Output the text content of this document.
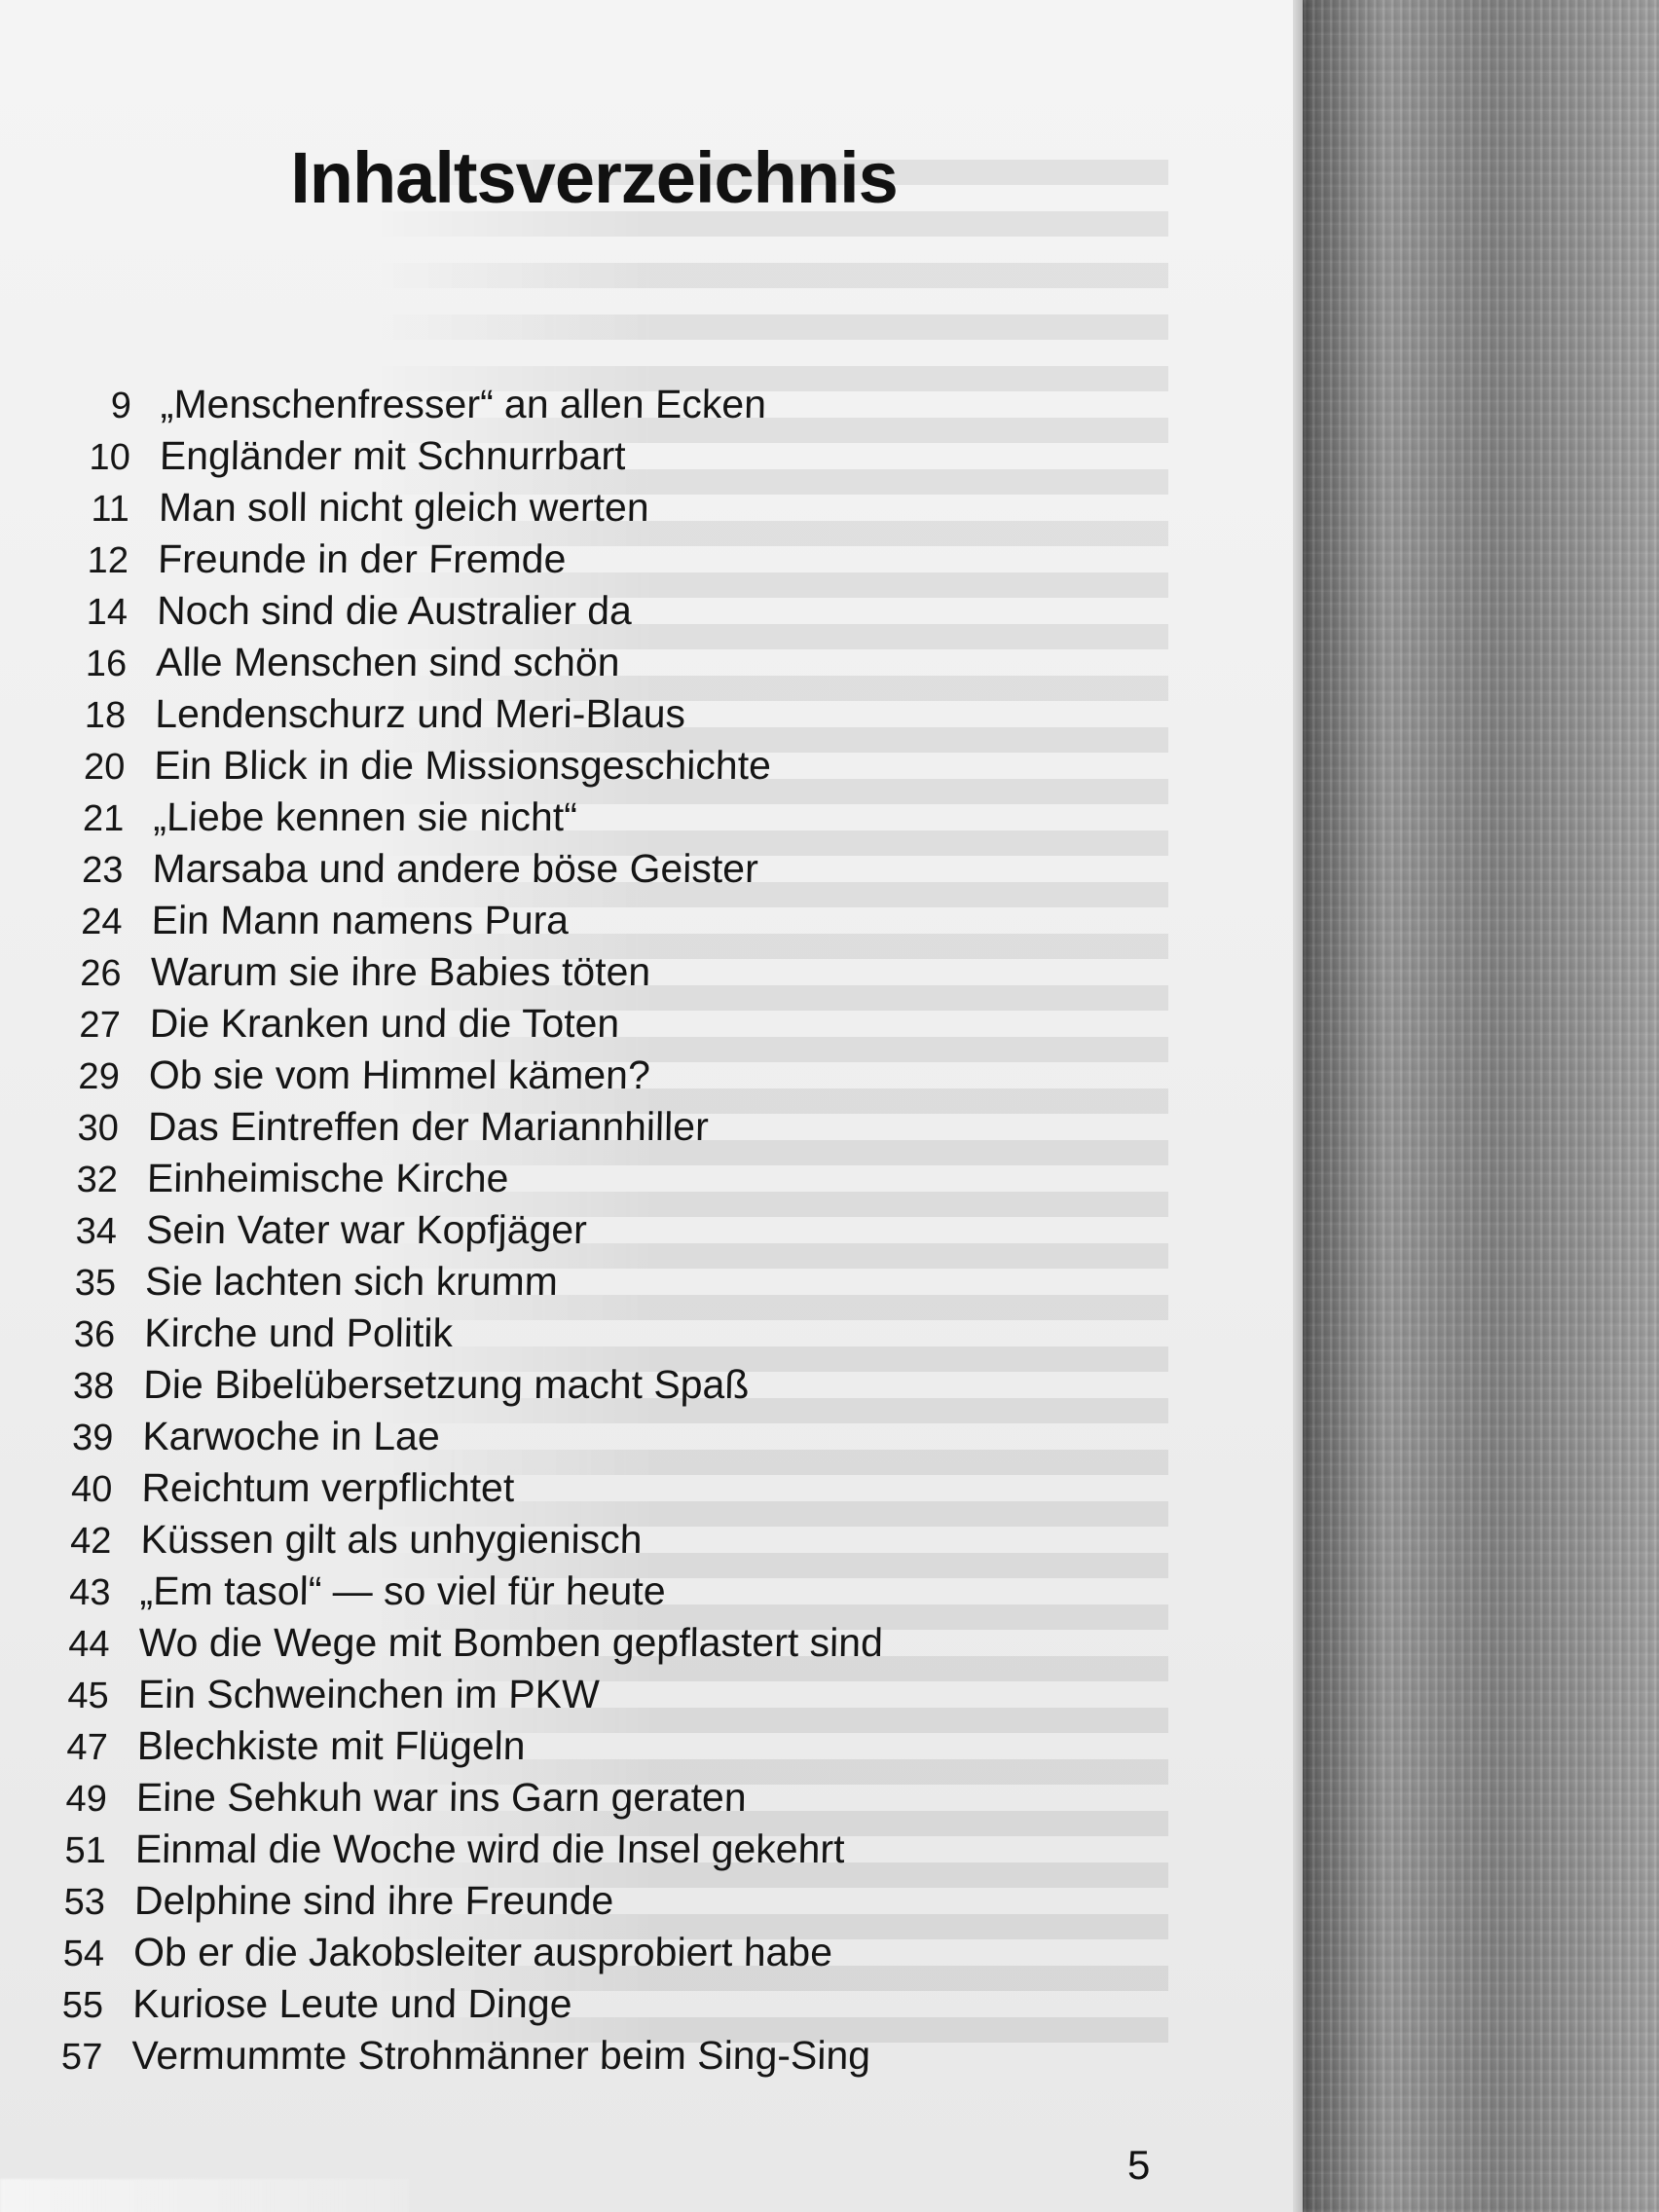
Inhaltsverzeichnis
9 „Menschenfresser“ an allen Ecken
10 Engländer mit Schnurrbart
11 Man soll nicht gleich werten
12 Freunde in der Fremde
14 Noch sind die Australier da
16 Alle Menschen sind schön
18 Lendenschurz und Meri-Blaus
20 Ein Blick in die Missionsgeschichte
21 „Liebe kennen sie nicht“
23 Marsaba und andere böse Geister
24 Ein Mann namens Pura
26 Warum sie ihre Babies töten
27 Die Kranken und die Toten
29 Ob sie vom Himmel kämen?
30 Das Eintreffen der Mariannhiller
32 Einheimische Kirche
34 Sein Vater war Kopfjäger
35 Sie lachten sich krumm
36 Kirche und Politik
38 Die Bibelübersetzung macht Spaß
39 Karwoche in Lae
40 Reichtum verpflichtet
42 Küssen gilt als unhygienisch
43 „Em tasol“ — so viel für heute
44 Wo die Wege mit Bomben gepflastert sind
45 Ein Schweinchen im PKW
47 Blechkiste mit Flügeln
49 Eine Sehkuh war ins Garn geraten
51 Einmal die Woche wird die Insel gekehrt
53 Delphine sind ihre Freunde
54 Ob er die Jakobsleiter ausprobiert habe
55 Kuriose Leute und Dinge
57 Vermummte Strohmänner beim Sing-Sing
5
